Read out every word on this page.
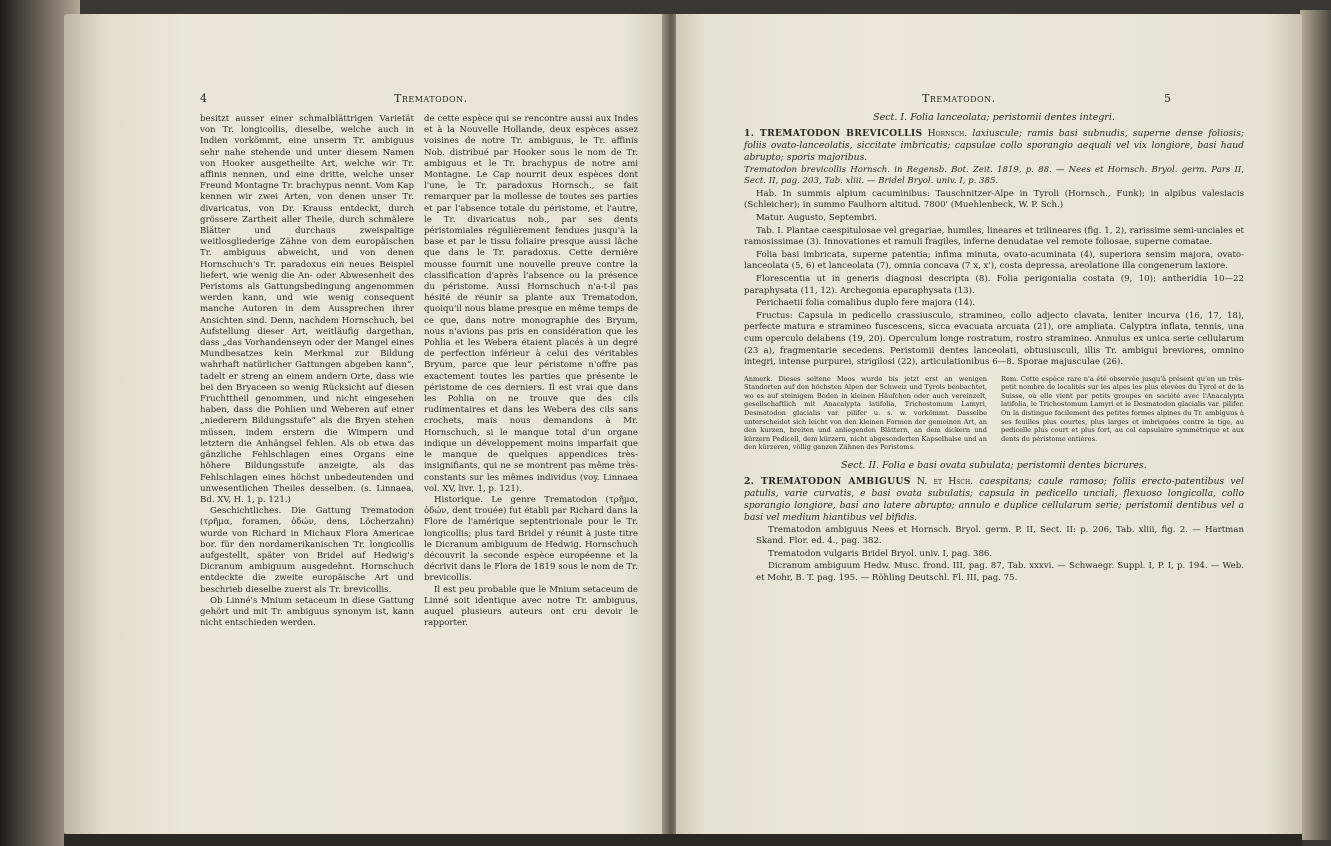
4	Trematodon.

besitzt ausser einer schmalblättrigen Varietät von Tr. longicollis, dieselbe, welche auch in Indien vorkömmt, eine unserm Tr. ambiguus sehr nahe stehende und unter diesem Namen von Hooker ausgetheilte Art, welche wir Tr. affinis nennen, und eine dritte, welche unser Freund Montagne Tr. brachypus nennt. Vom Kap kennen wir zwei Arten, von denen unser Tr. divaricatus, von Dr. Krauss entdeckt, durch grössere Zartheit aller Theile, durch schmälere Blätter und durchaus zweispaltige weitlosgliederige Zähne von dem europäischen Tr. ambiguus abweicht, und von denen Hornschuch's Tr. paradoxus ein neues Beispiel liefert, wie wenig die An- oder Abwesenheit des Peristoms als Gattungsbedingung angenommen werden kann, und wie wenig consequent manche Autoren in dem Aussprechen ihrer Ansichten sind. Denn, nachdem Hornschuch, bei Aufstellung dieser Art, weitläufig dargethan, dass „das Vorhandenseyn oder der Mangel eines Mundbesatzes kein Merkmal zur Bildung wahrhaft natürlicher Gattungen abgeben kann“, tadelt er streng an einem andern Orte, dass wie bei den Bryaceen so wenig Rücksicht auf diesen Fruchttheil genommen, und nicht eingesehen haben, dass die Pohlien und Weberen auf einer „niederern Bildungsstufe“ als die Bryen stehen müssen, indem erstern die Wimpern und letztern die Anhängsel fehlen. Als ob etwa das gänzliche Fehlschlagen eines Organs eine höhere Bildungsstufe anzeigte, als das Fehlschlagen eines höchst unbedeutenden und unwesentlichen Theiles desselben. (s. Linnaea, Bd. XV, H. 1, p. 121.)

Geschichtliches. Die Gattung Trematodon (τρῆμα, foramen, ὀδών, dens, Löcherzahn) wurde von Richard in Michaux Flora Americae bor. für den nordamerikanischen Tr. longicollis aufgestellt, später von Bridel auf Hedwig's Dicranum ambiguum ausgedehnt. Hornschuch entdeckte die zweite europäische Art und beschrieb dieselbe zuerst als Tr. brevicollis.

Ob Linné's Mnium setaceum in diese Gattung gehört und mit Tr. ambiguus synonym ist, kann nicht entschieden werden.

de cette espèce qui se rencontre aussi aux Indes et à la Nouvelle Hollande, deux espèces assez voisines de notre Tr. ambiguus, le Tr. affinis Nob. distribué par Hooker sous le nom de Tr. ambiguus et le Tr. brachypus de notre ami Montagne. Le Cap nourrit deux espèces dont l'une, le Tr. paradoxus Hornsch., se fait remarquer par la mollesse de toutes ses parties et par l'absence totale du péristome, et l'autre, le Tr. divaricatus nob., par ses dents péristomiales régulièrement fendues jusqu'à la base et par le tissu foliaire presque aussi lâche que dans le Tr. paradoxus. Cette dernière mousse fournit une nouvelle preuve contre la classification d'après l'absence ou la présence du péristome. Aussi Hornschuch n'a-t-il pas hésité de réunir sa plante aux Trematodon, quoiqu'il nous blame presque en même temps de ce que, dans notre monographie des Bryum, nous n'avions pas pris en considération que les Pohlia et les Webera étaient placés à un degré de perfection inférieur à celui des véritables Bryum, parce que leur péristome n'offre pas exactement toutes les parties que présente le péristome de ces derniers. Il est vrai que dans les Pohlia on ne trouve que des cils rudimentaires et dans les Webera des cils sans crochets, mais nous demandons à Mr. Hornschuch, si le manque total d'un organe indique un développement moins imparfait que le manque de quelques appendices très-insignifiants, qui ne se montrent pas même très-constants sur les mêmes individus (voy. Linnaea vol. XV, livr. 1, p. 121).

Historique. Le genre Trematodon (τρῆμα, ὀδών, dent trouée) fut établi par Richard dans la Flore de l'amérique septentrionale pour le Tr. longicollis; plus tard Bridel y réunit à juste titre le Dicranum ambiguum de Hedwig. Hornschuch découvrit la seconde espèce européenne et la décrivit dans le Flora de 1819 sous le nom de Tr. brevicollis.

Il est peu probable que le Mnium setaceum de Linné soit identique avec notre Tr. ambiguus, auquel plusieurs auteurs ont cru devoir le rapporter.

Trematodon.	5
Sect. I. Folia lanceolata; peristomii dentes integri.

1. TREMATODON BREVICOLLIS Hornsch. laxiuscule; ramis basi subnudis, superne dense foliosis; foliis ovato-lanceolatis, siccitate imbricatis; capsulae collo sporangio aequali vel vix longiore, basi haud abrupto; sporis majoribus.

Trematodon brevicollis Hornsch. in Regensb. Bot. Zeit. 1819, p. 88. — Nees et Hornsch. Bryol. germ. Pars II, Sect. II, pag. 203, Tab. xliii. — Bridel Bryol. univ. I, p. 385.

Hab. In summis alpium cacuminibus: Tauschnitzer-Alpe in Tyroli (Hornsch., Funk); in alpibus valesiacis (Schleicher); in summo Faulhorn altitud. 7800' (Muehlenbeck, W. P. Sch.)

Matur. Augusto, Septembri.

Tab. I. Plantae caespitulosae vel gregariae, humiles, lineares et trilineares (fig. 1, 2), rarissime semi-unciales et ramosissimae (3). Innovationes et ramuli fragiles, inferne denudatae vel remote foliosae, superne comatae.

Folia basi imbricata, superne patentia; infima minuta, ovato-acuminata (4), superiora sensim majora, ovato-lanceolata (5, 6) et lanceolata (7), omnia concava (7 x, x'), costa depressa, areolatione illa congenerum laxiore.

Florescentia ut in generis diagnosi descripta (8). Folia perigonialia costata (9, 10); antheridia 10—22 paraphysata (11, 12). Archegonia eparaphysata (13).

Perichaetii folia comalibus duplo fere majora (14).

Fructus: Capsula in pedicello crassiusculo, stramineo, collo adjecto clavata, leniter incurva (16, 17, 18), perfecte matura e stramineo fuscescens, siccа evacuata arcuata (21), ore amplіata. Calyptra inflata, tennis, una cum operculo delabens (19, 20). Operculum longe rostratum, rostro stramineo. Annulus ex unica serie cellularum (23 a), fragmentarie secedens. Peristomii dentes lanceolati, obtusiusculi, illis Tr. ambigui breviores, omnino integri, intense purpurei, strigilosi (22), articulationibus 6—8. Sporae majusculae (26).

Anmerk. Dieses seltene Moos wurde bis jetzt erst an wenigen Standorten auf den höchsten Alpen der Schweiz und Tyrols beobachtet, wo es auf steinigem Boden in kleinen Häufchen oder auch vereinzelt, gesellschaftlich mit Anacalypta latifolia, Trichostomum Lamyri, Desmatodon glacialis var. pilifer u. s. w. vorkömmt. Dasselbe unterscheidet sich leicht von den kleinen Formen der gemeinen Art, an den kurzen, breiten und anliegenden Blättern, an dem dickern und kürzern Pedicell, dem kürzern, nicht abgesonderten Kapselhalse und an den kürzeren, völlig ganzen Zähnen des Peristoms.
Rem. Cette espèce rare n'a été observée jusqu'à présent qu'en un très-petit nombre de localités sur les alpes les plus élevées du Tyrol et de la Suisse, où elle vient par petits groupes en société avec l'Anacalypta latifolia, le Trichostomum Lamyri et le Desmatodon glacialis var. pilifer. On la distingue facilement des petites formes alpines du Tr. ambiguus à ses feuilles plus courtes, plus larges et imbriquées contre la tige, au pedicelle plus court et plus fort, au col capsulaire symmétrique et aux dents du péristome entières.
Sect. II. Folia e basi ovata subulata; peristomii dentes bicrures.

2. TREMATODON AMBIGUUS N. et Hsch. caespitans; caule ramoso; foliis erecto-patentibus vel patulis, varie curvatis, e basi ovata subulatis; capsula in pedicello unciali, flexuoso longicolla, collo sporangio longiore, basi ano latere abrupto; annulo e duplice cellularum serie; peristomii dentibus vel a basi vel medium hiantibus vel bifidis.

Trematodon ambiguus Nees et Hornsch. Bryol. germ. P. II, Sect. II: p. 206, Tab. xliii, fig. 2. — Hartman Skand. Flor. ed. 4., pag. 382.

Trematodon vulgaris Bridel Bryol. univ. I, pag. 386.

Dicranum ambiguum Hedw. Musc. frond. III, pag. 87, Tab. xxxvi. — Schwaegr. Suppl. I, P. I, p. 194. — Web. et Mohr, B. T. pag. 195. — Röhling Deutschl. Fl. III, pag. 75.
